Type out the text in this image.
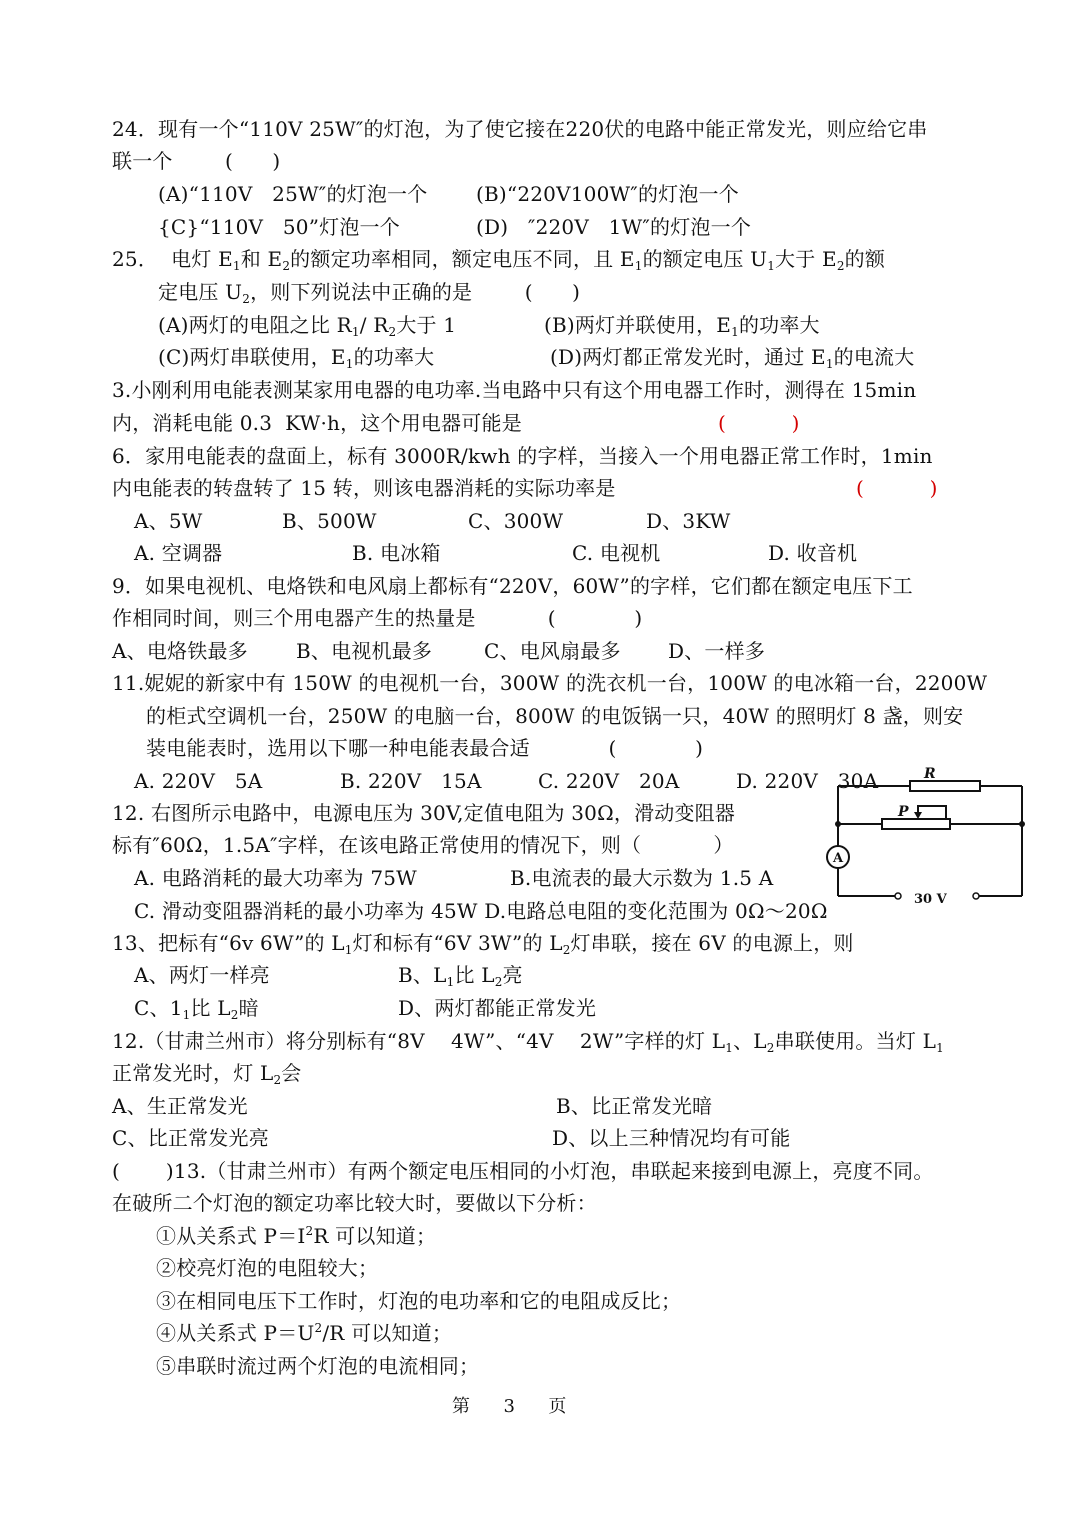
24．现有一个“110V 25W″的灯泡，为了使它接在220伏的电路中能正常发光，则应给它串
联一个        (      )
(A)“110V   25W″的灯泡一个 (B)“220V100W″的灯泡一个
{C}“110V   50”灯泡一个	(D)   ″220V   1W″的灯泡一个
25．  电灯 $E_1$和 $E_2$的额定功率相同，额定电压不同，且 $E_1$的额定电压 $U_1$大于 $E_2$的额
定电压 $U_2$，则下列说法中正确的是        (      )
(A)两灯的电阻之比 $R_1/$ $R_2$大于 1	(B)两灯并联使用，$E_1$的功率大
(C)两灯串联使用，$E_1$的功率大	(D)两灯都正常发光时，通过 $E_1$的电流大
3.小刚利用电能表测某家用电器的电功率.当电路中只有这个用电器工作时，测得在 15min
内，消耗电能 0.3  KW·h，这个用电器可能是	(          )
6．家用电能表的盘面上，标有 3000R/kwh 的字样，当接入一个用电器正常工作时，1min
内电能表的转盘转了 15 转，则该电器消耗的实际功率是	(          )
A、5W	B、500W	C、300W	D、3KW
A. 空调器	B. 电冰箱	C. 电视机	D. 收音机
9．如果电视机、电烙铁和电风扇上都标有“220V，60W”的字样，它们都在额定电压下工
作相同时间，则三个用电器产生的热量是           (            )
A、电烙铁最多 B、电视机最多	C、电风扇最多 D、一样多
11.妮妮的新家中有 150W 的电视机一台，300W 的洗衣机一台，100W 的电冰箱一台，2200W
的柜式空调机一台，250W 的电脑一台，800W 的电饭锅一只，40W 的照明灯 8 盏，则安
装电能表时，选用以下哪一种电能表最合适            (            )
A. 220V   5A	B. 220V   15A	C. 220V   20A	D. 220V   30A
12. 右图所示电路中，电源电压为 30V,定值电阻为 30Ω，滑动变阻器
标有″60Ω，1.5A″字样，在该电路正常使用的情况下，则（           ）
A. 电路消耗的最大功率为 75W	B.电流表的最大示数为 1.5 A
C. 滑动变阻器消耗的最小功率为 45W D.电路总电阻的变化范围为 0Ω～20Ω
R
P
A
30 V
13、把标有“6v 6W”的 $L_1$灯和标有“6V 3W”的 $L_2$灯串联，接在 6V 的电源上，则
A、两灯一样亮	B、$L_1$比 $L_2$亮
C、$1_1$比 $L_2$暗	D、两灯都能正常发光
12.（甘肃兰州市）将分别标有“8V    4W”、“4V    2W”字样的灯 $L_1$、$L_2$串联使用。当灯 $L_1$
正常发光时，灯 $L_2$会
A、生正常发光	B、比正常发光暗
C、比正常发光亮	D、以上三种情况均有可能
(       )13.（甘肃兰州市）有两个额定电压相同的小灯泡，串联起来接到电源上，亮度不同。
在破所二个灯泡的额定功率比较大时，要做以下分析：
①从关系式 $P=I^2R$ 可以知道；
②校亮灯泡的电阻较大；
③在相同电压下工作时，灯泡的电功率和它的电阻成反比；
④从关系式 $P=U^2/R$ 可以知道；
⑤串联时流过两个灯泡的电流相同；
第 3 页
